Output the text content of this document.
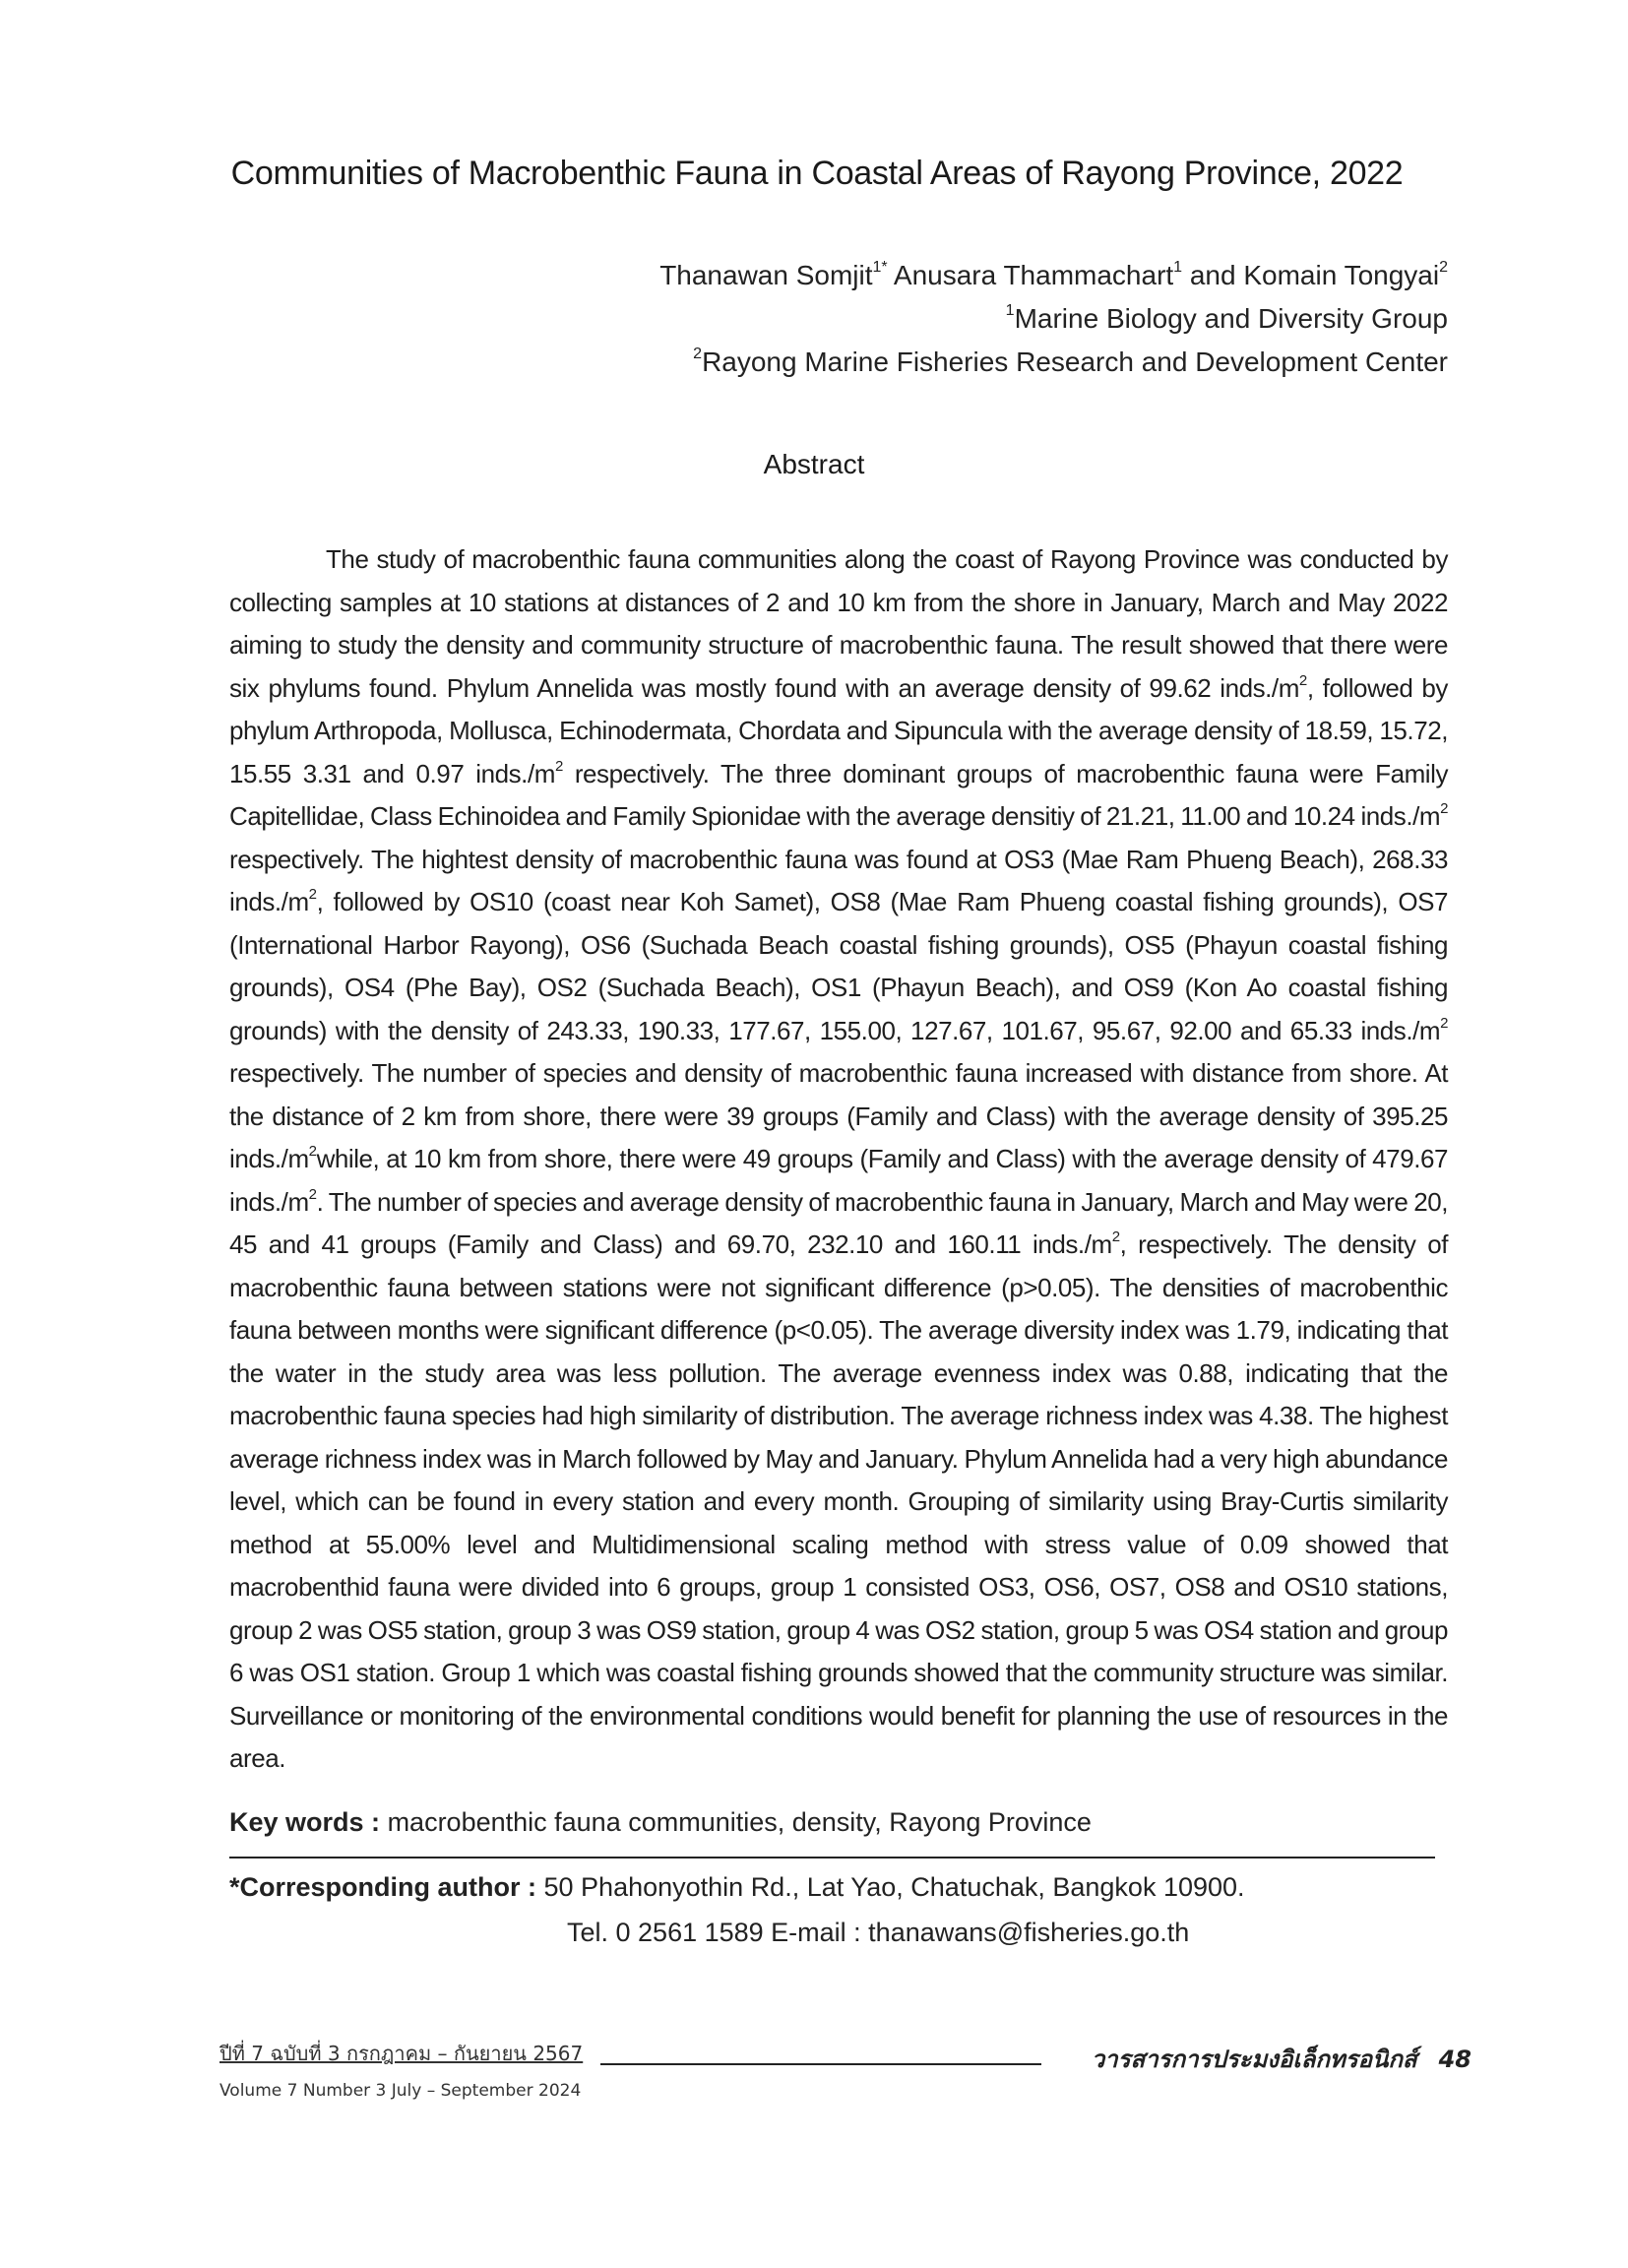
Communities of Macrobenthic Fauna in Coastal Areas of Rayong Province, 2022
Thanawan Somjit$^{1*}$ Anusara Thammachart$^1$ and Komain Tongyai$^2$
$^1$Marine Biology and Diversity Group
$^2$Rayong Marine Fisheries Research and Development Center
Abstract
The study of macrobenthic fauna communities along the coast of Rayong Province was conducted by collecting samples at 10 stations at distances of 2 and 10 km from the shore in January, March and May 2022 aiming to study the density and community structure of macrobenthic fauna. The result showed that there were six phylums found. Phylum Annelida was mostly found with an average density of 99.62 $inds./m^2$, followed by phylum Arthropoda, Mollusca, Echinodermata, Chordata and Sipuncula with the average density of 18.59, 15.72, 15.55 3.31 and 0.97 $inds./m^2$ respectively. The three dominant groups of macrobenthic fauna were Family Capitellidae, Class Echinoidea and Family Spionidae with the average densitiy of 21.21, 11.00 and 10.24 $inds./m^2$ respectively. The hightest density of macrobenthic fauna was found at OS3 (Mae Ram Phueng Beach), 268.33 $inds./m^2$, followed by OS10 (coast near Koh Samet), OS8 (Mae Ram Phueng coastal fishing grounds), OS7 (International Harbor Rayong), OS6 (Suchada Beach coastal fishing grounds), OS5 (Phayun coastal fishing grounds), OS4 (Phe Bay), OS2 (Suchada Beach), OS1 (Phayun Beach), and OS9 (Kon Ao coastal fishing grounds) with the density of 243.33, 190.33, 177.67, 155.00, 127.67, 101.67, 95.67, 92.00 and 65.33 $inds./m^2$ respectively. The number of species and density of macrobenthic fauna increased with distance from shore. At the distance of 2 km from shore, there were 39 groups (Family and Class) with the average density of 395.25 $inds./m^2while$, at 10 km from shore, there were 49 groups (Family and Class) with the average density of 479.67 $inds./m^2$. The number of species and average density of macrobenthic fauna in January, March and May were 20, 45 and 41 groups (Family and Class) and 69.70, 232.10 and 160.11 $inds./m^2$, respectively. The density of macrobenthic fauna between stations were not significant difference (p>0.05). The densities of macrobenthic fauna between months were significant difference (p<0.05). The average diversity index was 1.79, indicating that the water in the study area was less pollution. The average evenness index was 0.88, indicating that the macrobenthic fauna species had high similarity of distribution. The average richness index was 4.38. The highest average richness index was in March followed by May and January. Phylum Annelida had a very high abundance level, which can be found in every station and every month. Grouping of similarity using Bray-Curtis similarity method at 55.00% level and Multidimensional scaling method with stress value of 0.09 showed that macrobenthid fauna were divided into 6 groups, group 1 consisted OS3, OS6, OS7, OS8 and OS10 stations, group 2 was OS5 station, group 3 was OS9 station, group 4 was OS2 station, group 5 was OS4 station and group 6 was OS1 station. Group 1 which was coastal fishing grounds showed that the community structure was similar. Surveillance or monitoring of the environmental conditions would benefit for planning the use of resources in the area.
Key words : macrobenthic fauna communities, density, Rayong Province
*Corresponding author : 50 Phahonyothin Rd., Lat Yao, Chatuchak, Bangkok 10900.
Tel. 0 2561 1589 E-mail : thanawans@fisheries.go.th
ปีที่ 7 ฉบับที่ 3 กรกฎาคม – กันยายน 2567
Volume 7 Number 3 July – September 2024
วารสารการประมงอิเล็กทรอนิกส์ 48
